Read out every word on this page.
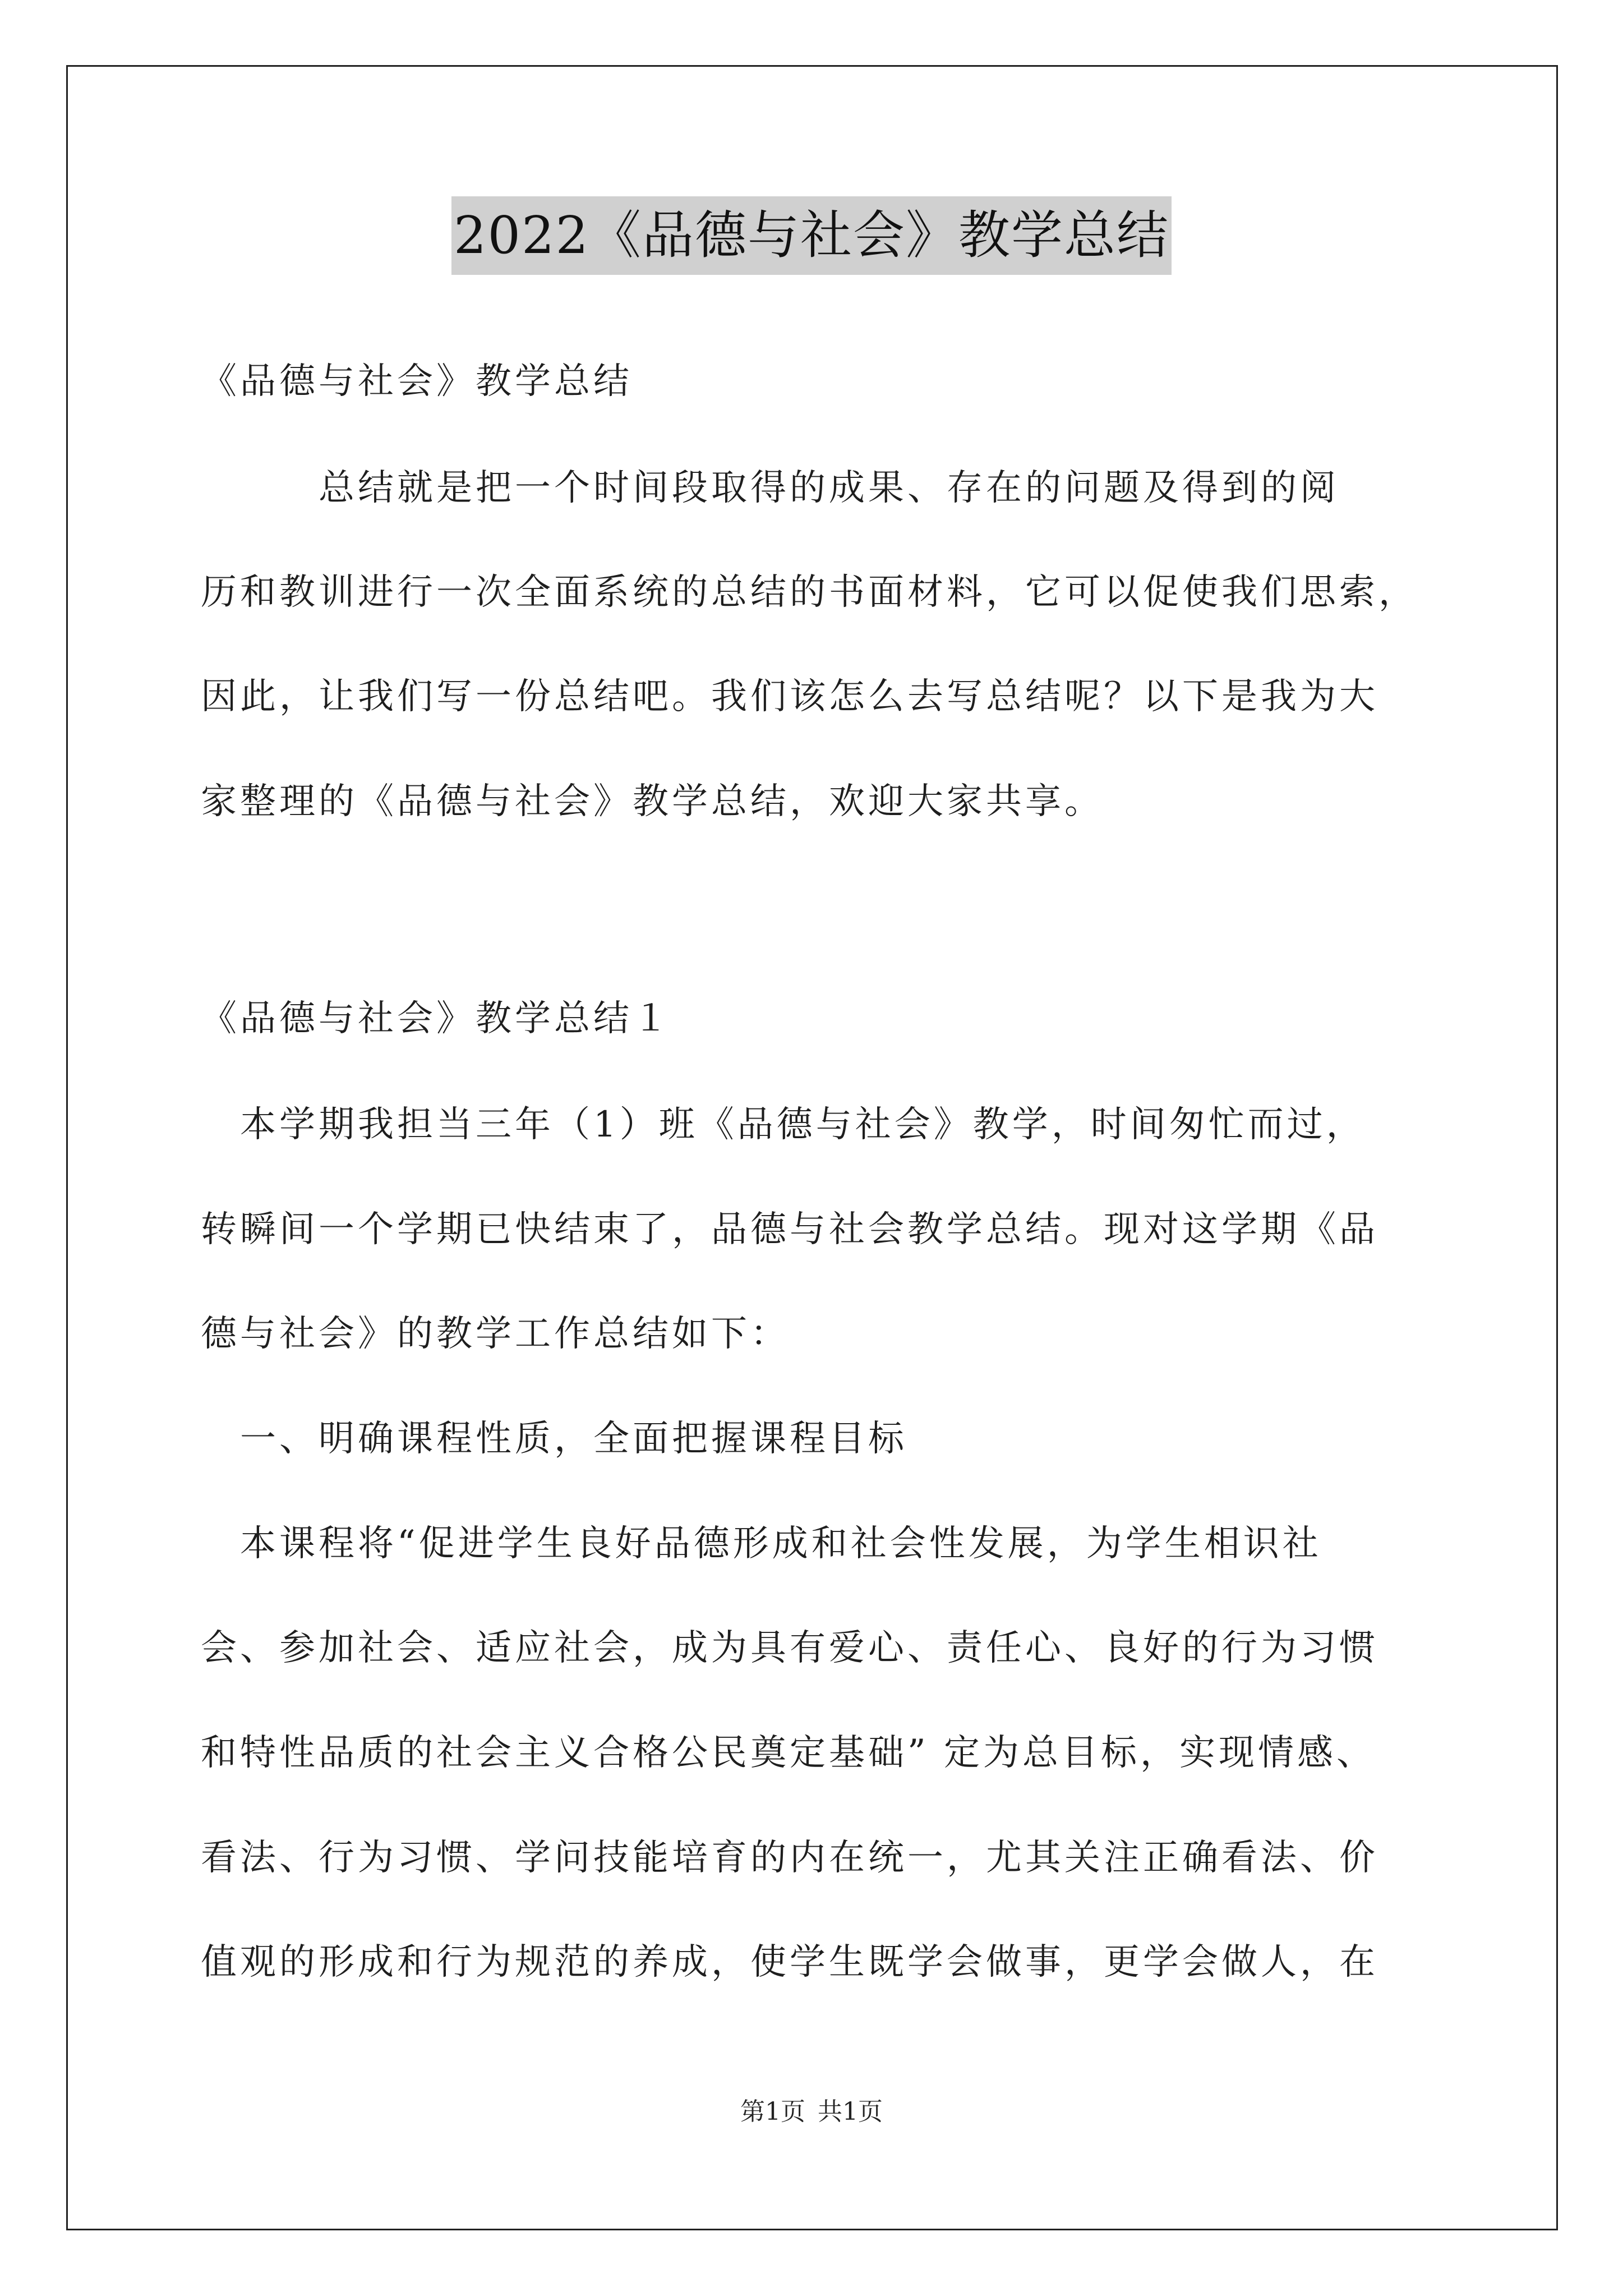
2022《品德与社会》教学总结
《品德与社会》教学总结
　　　总结就是把一个时间段取得的成果、存在的问题及得到的阅
历和教训进行一次全面系统的总结的书面材料，它可以促使我们思索，
因此，让我们写一份总结吧。我们该怎么去写总结呢？以下是我为大
家整理的《品德与社会》教学总结，欢迎大家共享。
《品德与社会》教学总结１
　本学期我担当三年（1）班《品德与社会》教学，时间匆忙而过，
转瞬间一个学期已快结束了，品德与社会教学总结。现对这学期《品
德与社会》的教学工作总结如下：
　一、明确课程性质，全面把握课程目标
　本课程将“促进学生良好品德形成和社会性发展，为学生相识社
会、参加社会、适应社会，成为具有爱心、责任心、良好的行为习惯
和特性品质的社会主义合格公民奠定基础” 定为总目标，实现情感、
看法、行为习惯、学问技能培育的内在统一，尤其关注正确看法、价
值观的形成和行为规范的养成，使学生既学会做事，更学会做人，在
第1页 共1页
